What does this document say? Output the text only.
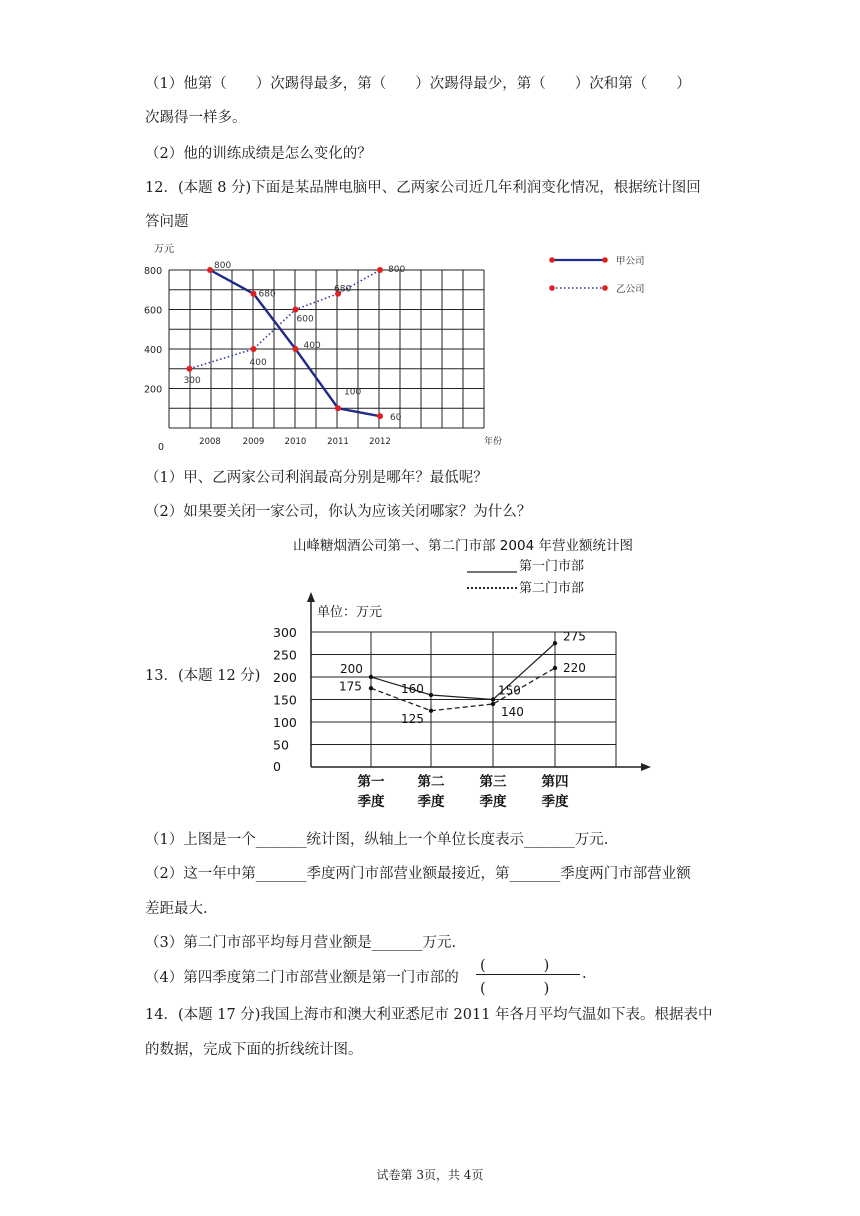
（1）他第（　　）次踢得最多，第（　　）次踢得最少，第（　　）次和第（　　）
次踢得一样多。
（2）他的训练成绩是怎么变化的？
12．(本题 8 分)下面是某品牌电脑甲、乙两家公司近几年利润变化情况，根据统计图回
答问题
万元
0
200
400
600
800
2008	2009 2010 2011 2012	年份
800
680
400
100
60
300
400
600
680
800
甲公司
乙公司
（1）甲、乙两家公司利润最高分别是哪年？最低呢？
（2）如果要关闭一家公司，你认为应该关闭哪家？为什么？
13．(本题 12 分)
山峰糖烟酒公司第一、第二门市部 2004 年营业额统计图
第一门市部
第二门市部
单位：万元
0
50
100
150
200
250
300
第一
季度
第二
季度
第三
季度
第四
季度
200
160	150
275
175
125	140
220
（1）上图是一个_______统计图，纵轴上一个单位长度表示_______万元.
（2）这一年中第_______季度两门市部营业额最接近，第_______季度两门市部营业额
差距最大.
（3）第二门市部平均每月营业额是_______万元.
（4）第四季度第二门市部营业额是第一门市部的
(　　　　)
(　　　　)
.
14．(本题 17 分)我国上海市和澳大利亚悉尼市 2011 年各月平均气温如下表。根据表中
的数据，完成下面的折线统计图。
试卷第 3页，共 4页
